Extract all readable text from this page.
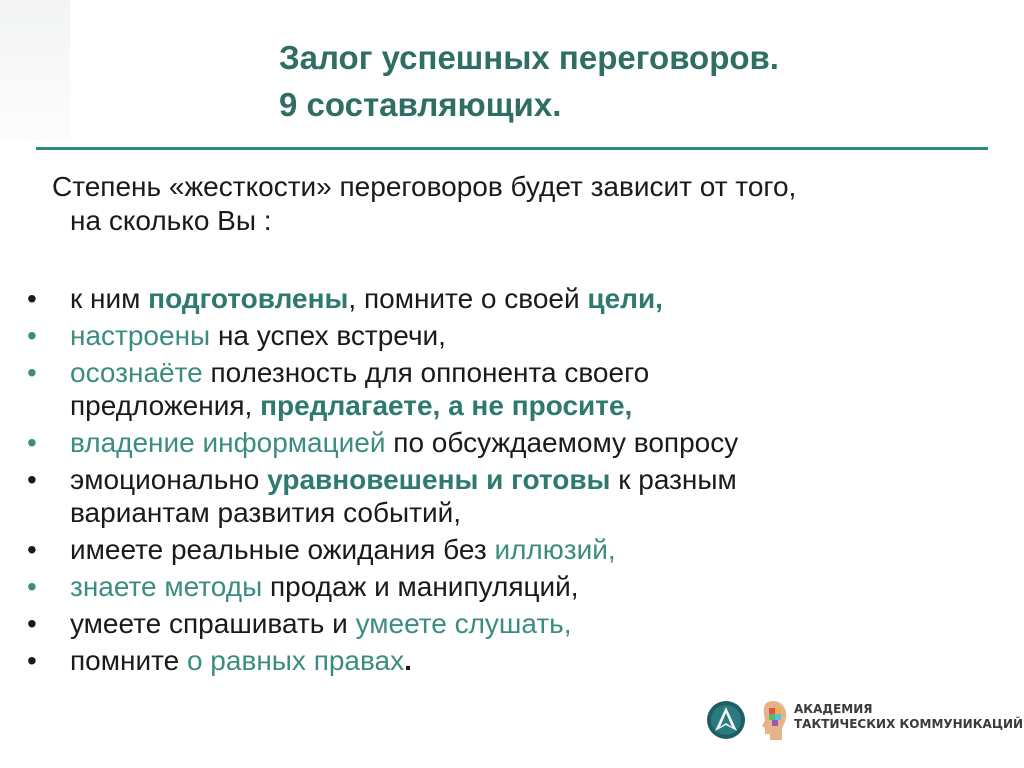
Залог успешных переговоров.
9 составляющих.
Степень «жесткости» переговоров будет зависит от того,
на сколько Вы :
•	к ним подготовлены, помните о своей цели,
•	настроены на успех встречи,
•	осознаёте полезность для оппонента своего
предложения, предлагаете, а не просите,
•	владение информацией по обсуждаемому вопросу
•	эмоционально уравновешены и готовы к разным
вариантам развития событий,
•	имеете реальные ожидания без иллюзий,
•	знаете методы продаж и манипуляций,
•	умеете спрашивать и умеете слушать,
•	помните о равных правах.
АКАДЕМИЯ
ТАКТИЧЕСКИХ КОММУНИКАЦИЙ
